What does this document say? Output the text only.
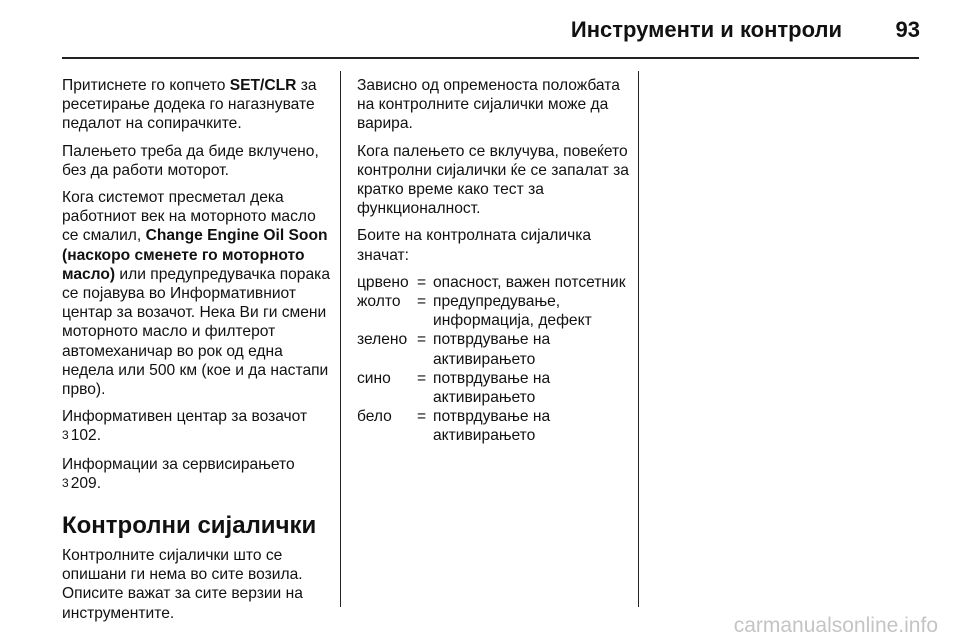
Инструменти и контроли 93

Притиснете го копчето SET/CLR за ресетирање додека го нагазнувате педалот на сопирачките.

Палењето треба да биде вклучено, без да работи моторот.

Кога системот пресметал дека работниот век на моторното масло се смалил, Change Engine Oil Soon (наскоро сменете го моторното масло) или предупредувачка порака се појавува во Информативниот центар за возачот. Нека Ви ги смени моторното масло и филтерот автомеханичар во рок од една недела или 500 км (кое и да настапи прво).

Информативен центар за возачот
3 102.

Информации за сервисирањето
3 209.

Контролни сијалички

Контролните сијалички што се опишани ги нема во сите возила. Описите важат за сите верзии на инструментите.

Зависно од опременоста положбата на контролните сијалички може да варира.

Кога палењето се вклучува, повеќето контролни сијалички ќе се запалат за кратко време како тест за функционалност.

Боите на контролната сијаличка значат:

црвено = опасност, важен потсетник
жолто	= предупредување, информација, дефект
зелено = потврдување на активирањето
сино	= потврдување на активирањето
бело	= потврдување на активирањето
carmanualsonline.info
